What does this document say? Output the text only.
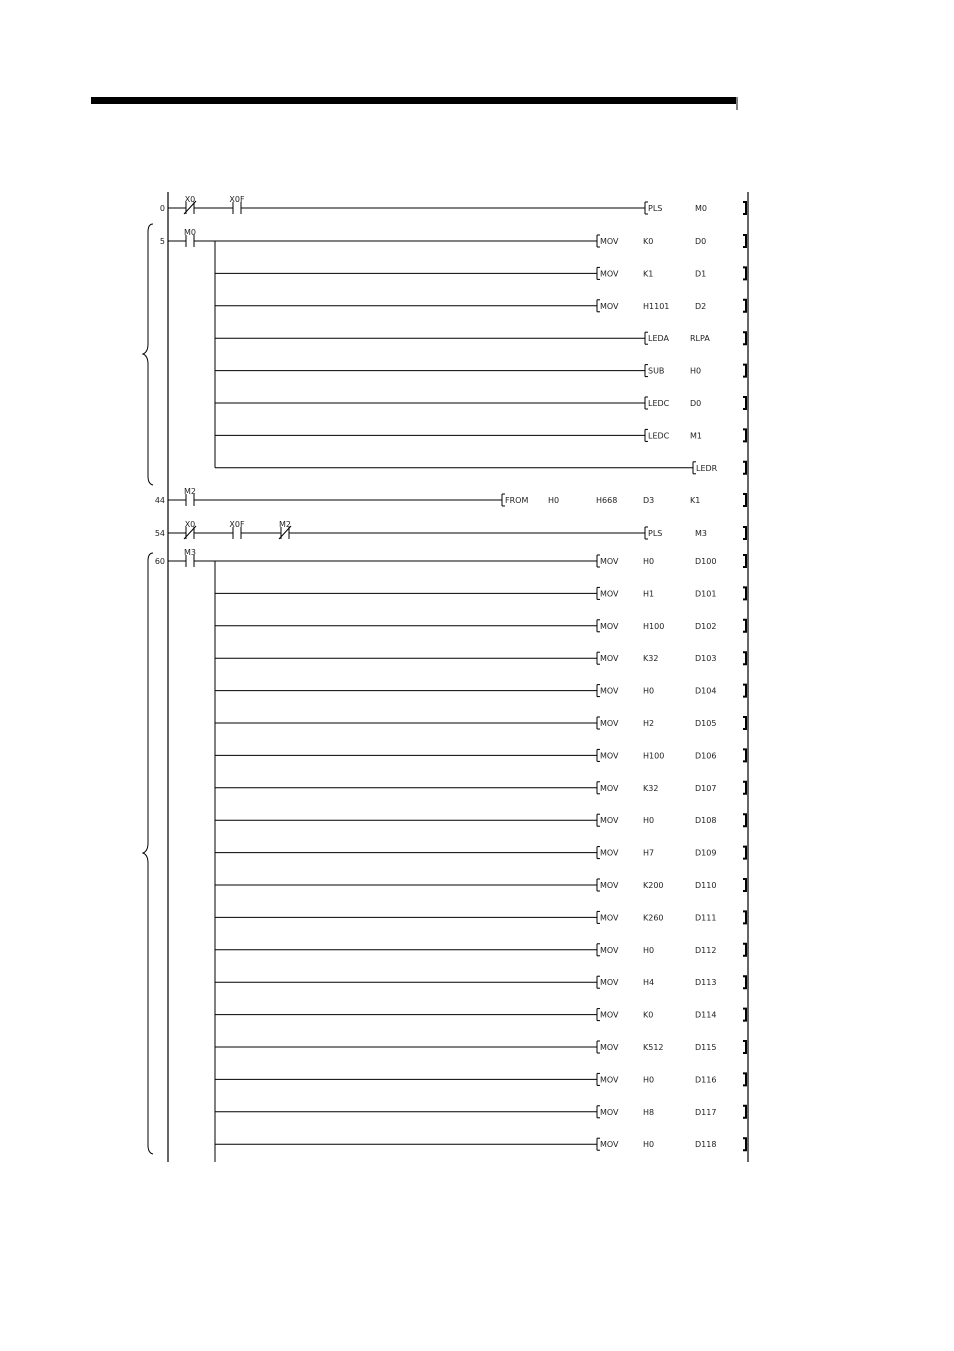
0
X0	X0F
PLS	M0
5
M0
MOV	K0	D0
MOV	K1	D1
MOV	H1101	D2
LEDA	RLPA
SUB	H0
LEDC	D0
LEDC	M1
LEDR
44
M2
FROM H0	H668	D3	K1
54
X0	X0F	M2
PLS	M3
60
M3
MOV	H0	D100
MOV	H1	D101
MOV	H100	D102
MOV	K32	D103
MOV	H0	D104
MOV	H2	D105
MOV	H100	D106
MOV	K32	D107
MOV	H0	D108
MOV	H7	D109
MOV	K200	D110
MOV	K260	D111
MOV	H0	D112
MOV	H4	D113
MOV	K0	D114
MOV	K512	D115
MOV	H0	D116
MOV	H8	D117
MOV	H0	D118
